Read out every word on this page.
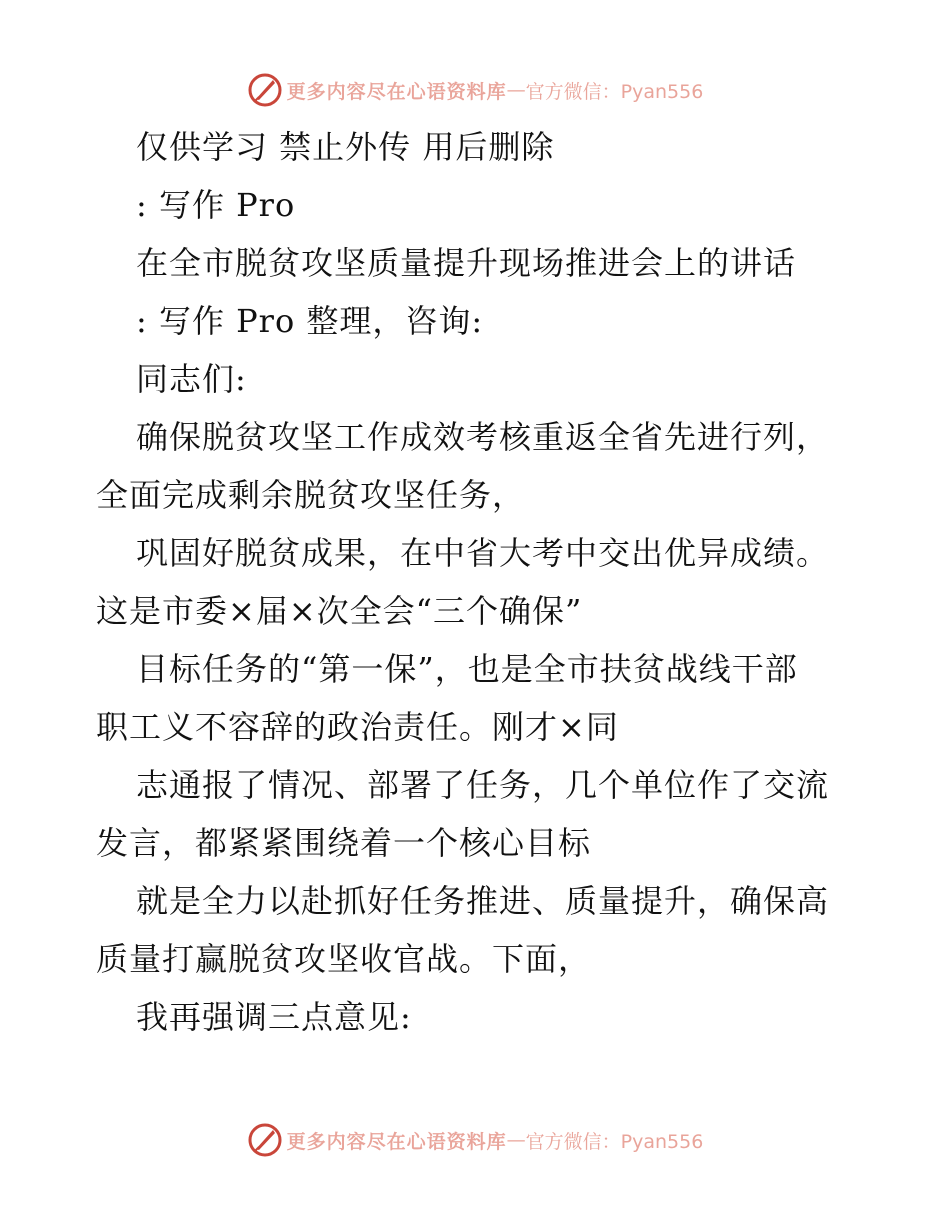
更多内容尽在心语资料库 — 官方微信：Pyan556
仅供学习 禁止外传 用后删除
: 写作 Pro
在全市脱贫攻坚质量提升现场推进会上的讲话
: 写作 Pro 整理，咨询:
同志们:
确保脱贫攻坚工作成效考核重返全省先进行列，
全面完成剩余脱贫攻坚任务，
巩固好脱贫成果，在中省大考中交出优异成绩。
这是市委×届×次全会“三个确保”
目标任务的“第一保”，也是全市扶贫战线干部
职工义不容辞的政治责任。刚才×同
志通报了情况、部署了任务，几个单位作了交流
发言，都紧紧围绕着一个核心目标
就是全力以赴抓好任务推进、质量提升，确保高
质量打赢脱贫攻坚收官战。下面，
我再强调三点意见:
更多内容尽在心语资料库 — 官方微信：Pyan556
